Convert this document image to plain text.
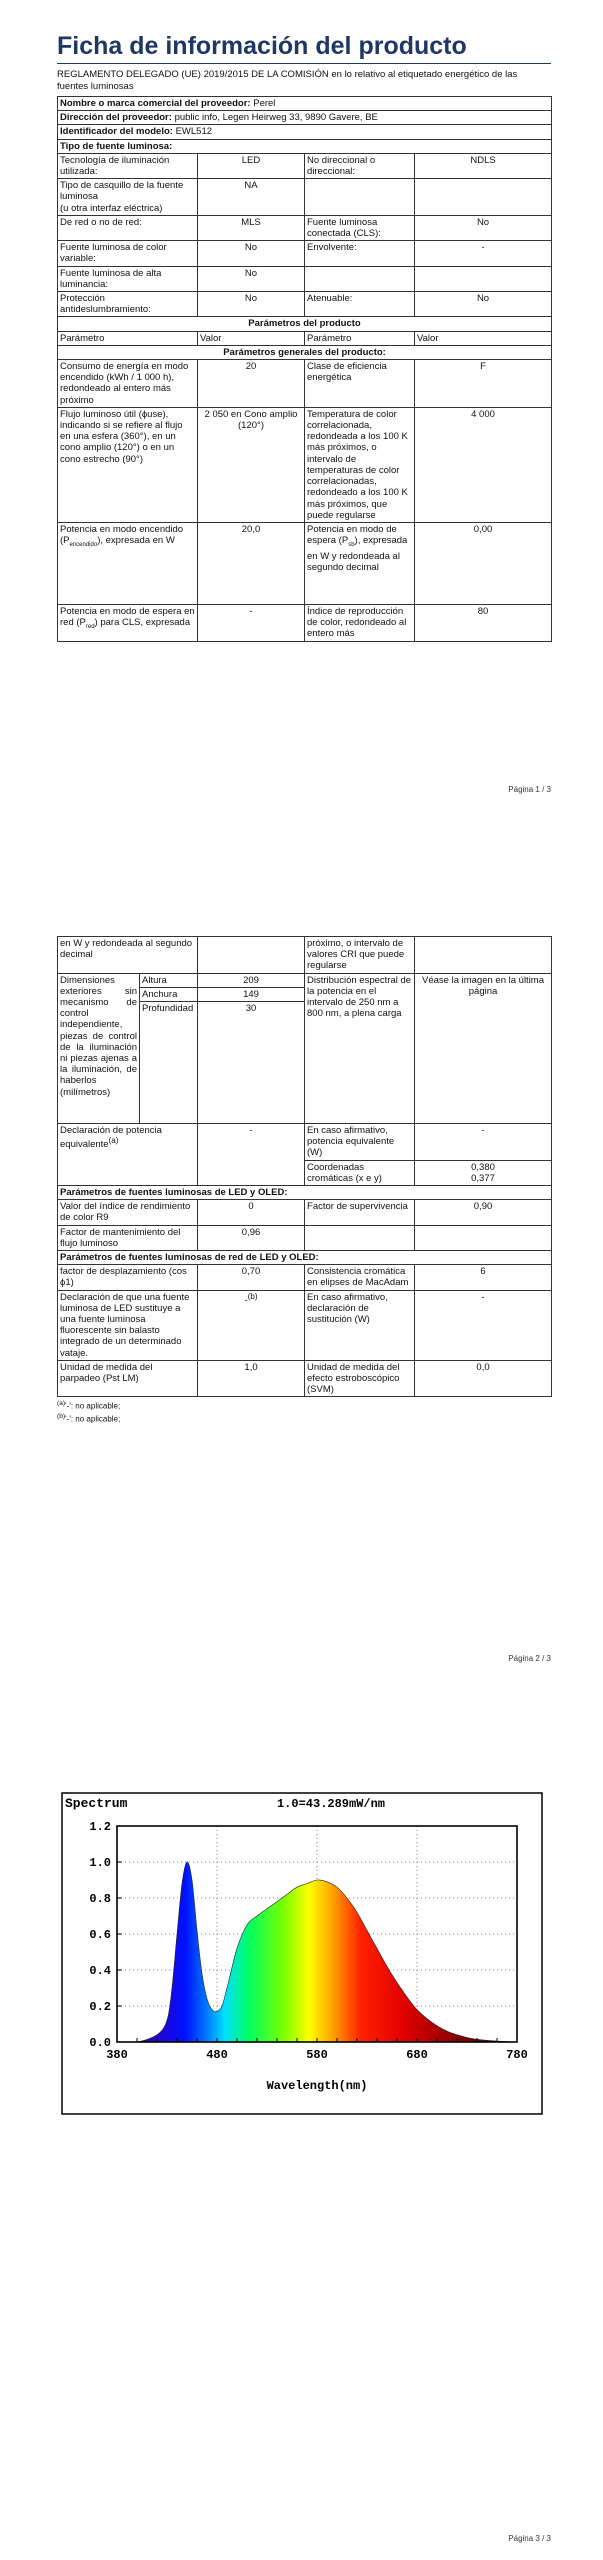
Ficha de información del producto
REGLAMENTO DELEGADO (UE) 2019/2015 DE LA COMISIÓN en lo relativo al etiquetado energético de las fuentes luminosas
Nombre o marca comercial del proveedor: Perel			
Dirección del proveedor: public info, Legen Heirweg 33, 9890 Gavere, BE			
Identificador del modelo: EWL512			
Tipo de fuente luminosa:			
Tecnología de iluminación utilizada:	LED	No direccional o direccional:	NDLS
Tipo de casquillo de la fuente luminosa
(u otra interfaz eléctrica)	NA		
De red o no de red:	MLS	Fuente luminosa conectada (CLS):	No
Fuente luminosa de color variable:	No	Envolvente:	-
Fuente luminosa de alta luminancia:	No		
Protección antideslumbramiento:	No	Atenuable:	No
Parámetros del producto			
Parámetro	Valor	Parámetro	Valor
Parámetros generales del producto:			
Consumo de energía en modo encendido (kWh / 1 000 h), redondeado al entero más próximo	20	Clase de eficiencia energética	F
Flujo luminoso útil (ϕuse), indicando si se refiere al flujo en una esfera (360°), en un cono amplio (120°) o en un cono estrecho (90°)	2 050 en Cono amplio (120°)	Temperatura de color correlacionada, redondeada a los 100 K más próximos, o intervalo de temperaturas de color correlacionadas, redondeado a los 100 K más próximos, que puede regularse	4 000
Potencia en modo encendido $(P_{encendido})$, expresada en W	20,0	Potencia en modo de espera $(P_{sb})$, expresada en W y redondeada al segundo decimal	0,00
Potencia en modo de espera en red $(P_{red})$ para CLS, expresada	-	Índice de reproducción de color, redondeado al entero más	80
Página 1 / 3
en W y redondeada al segundo decimal			próximo, o intervalo de valores CRI que puede regularse	
Dimensiones exteriores sin mecanismo de control independiente, piezas de control de la iluminación ni piezas ajenas a la iluminación, de haberlos (milímetros)	Altura	209	Distribución espectral de la potencia en el intervalo de 250 nm a 800 nm, a plena carga	Véase la imagen en la última página
	Anchura	149		
	Profundidad	30		
Declaración de potencia equivalente$^{(a)}$		-	En caso afirmativo, potencia equivalente (W)	-
			Coordenadas cromáticas (x e y)	0,380
0,377
Parámetros de fuentes luminosas de LED y OLED:				
Valor del índice de rendimiento de color R9		0	Factor de supervivencia	0,90
Factor de mantenimiento del flujo luminoso		0,96		
Parámetros de fuentes luminosas de red de LED y OLED:				
factor de desplazamiento (cos ϕ1)		0,70	Consistencia cromática en elipses de MacAdam	6
Declaración de que una fuente luminosa de LED sustituye a una fuente luminosa fluorescente sin balasto integrado de un determinado vataje.		-$^{(b)}$	En caso afirmativo, declaración de sustitución (W)	-
Unidad de medida del parpadeo (Pst LM)		1,0	Unidad de medida del efecto estroboscópico (SVM)	0,0
$^{(a)}$'-': no aplicable;
$^{(b)}$'-': no aplicable;
Página 2 / 3
Página 3 / 3
380	480	580	680	780
0.0
0.2
0.4
0.6
0.8
1.0
1.2
Spectrum	1.0=43.289mW/nm
Wavelength(nm)
